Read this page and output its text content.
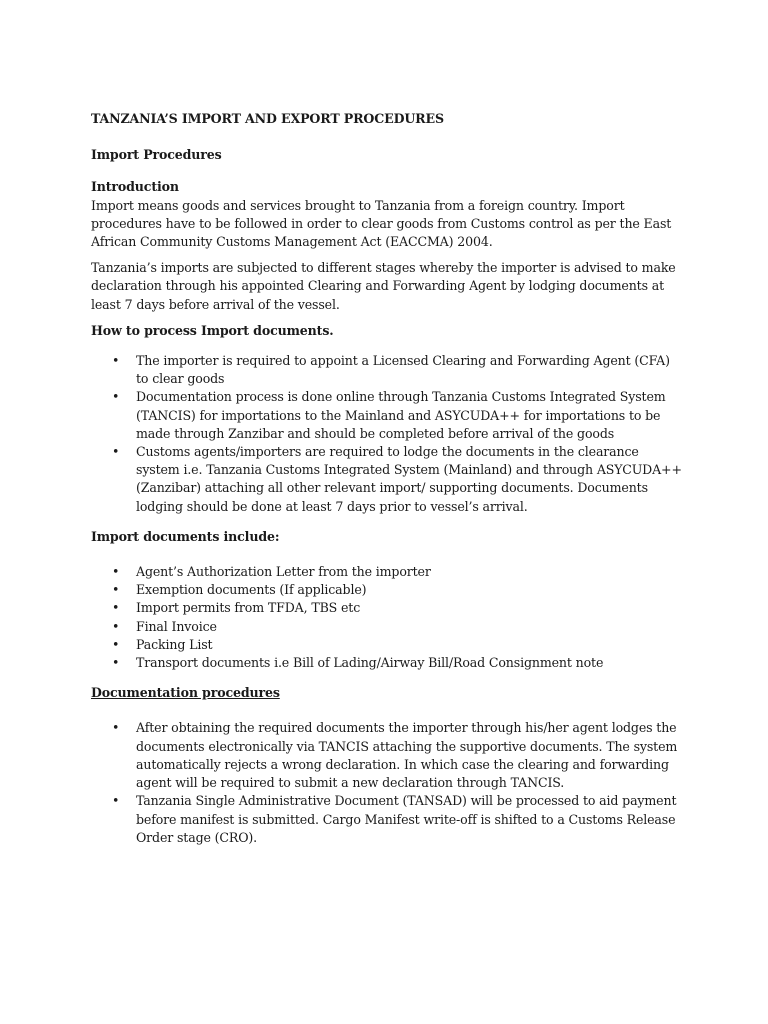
TANZANIA’S IMPORT AND EXPORT PROCEDURES

Import Procedures

Introduction

Import means goods and services brought to Tanzania from a foreign country. Import procedures have to be followed in order to clear goods from Customs control as per the East African Community Customs Management Act (EACCMA) 2004.

Tanzania’s imports are subjected to different stages whereby the importer is advised to make declaration through his appointed Clearing and Forwarding Agent by lodging documents at least 7 days before arrival of the vessel.

How to process Import documents.

• The importer is required to appoint a Licensed Clearing and Forwarding Agent (CFA) to clear goods
• Documentation process is done online through Tanzania Customs Integrated System (TANCIS) for importations to the Mainland and ASYCUDA++ for importations to be made through Zanzibar and should be completed before arrival of the goods
• Customs agents/importers are required to lodge the documents in the clearance system i.e. Tanzania Customs Integrated System (Mainland) and through ASYCUDA++ (Zanzibar) attaching all other relevant import/ supporting documents. Documents lodging should be done at least 7 days prior to vessel’s arrival.

Import documents include:

• Agent’s Authorization Letter from the importer
• Exemption documents (If applicable)
• Import permits from TFDA, TBS etc
• Final Invoice
• Packing List
• Transport documents i.e Bill of Lading/Airway Bill/Road Consignment note

Documentation procedures

• After obtaining the required documents the importer through his/her agent lodges the documents electronically via TANCIS attaching the supportive documents. The system automatically rejects a wrong declaration. In which case the clearing and forwarding agent will be required to submit a new declaration through TANCIS.
• Tanzania Single Administrative Document (TANSAD) will be processed to aid payment before manifest is submitted. Cargo Manifest write-off is shifted to a Customs Release Order stage (CRO).
